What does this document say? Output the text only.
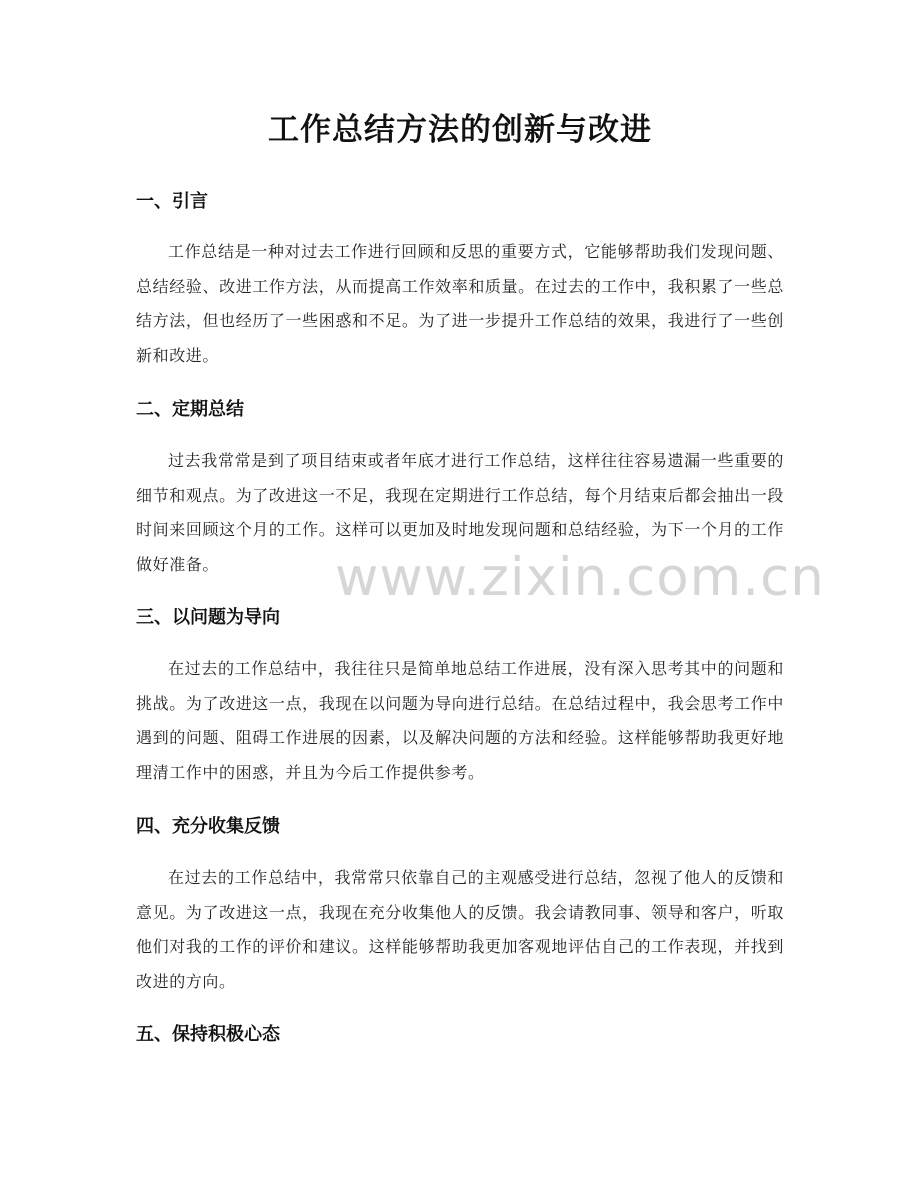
工作总结方法的创新与改进
一、引言
工作总结是一种对过去工作进行回顾和反思的重要方式，它能够帮助我们发现问题、总结经验、改进工作方法，从而提高工作效率和质量。在过去的工作中，我积累了一些总结方法，但也经历了一些困惑和不足。为了进一步提升工作总结的效果，我进行了一些创新和改进。
二、定期总结
过去我常常是到了项目结束或者年底才进行工作总结，这样往往容易遗漏一些重要的细节和观点。为了改进这一不足，我现在定期进行工作总结，每个月结束后都会抽出一段时间来回顾这个月的工作。这样可以更加及时地发现问题和总结经验，为下一个月的工作做好准备。
三、以问题为导向
在过去的工作总结中，我往往只是简单地总结工作进展，没有深入思考其中的问题和挑战。为了改进这一点，我现在以问题为导向进行总结。在总结过程中，我会思考工作中遇到的问题、阻碍工作进展的因素，以及解决问题的方法和经验。这样能够帮助我更好地理清工作中的困惑，并且为今后工作提供参考。
四、充分收集反馈
在过去的工作总结中，我常常只依靠自己的主观感受进行总结，忽视了他人的反馈和意见。为了改进这一点，我现在充分收集他人的反馈。我会请教同事、领导和客户，听取他们对我的工作的评价和建议。这样能够帮助我更加客观地评估自己的工作表现，并找到改进的方向。
五、保持积极心态
www.zixin.com.cn
